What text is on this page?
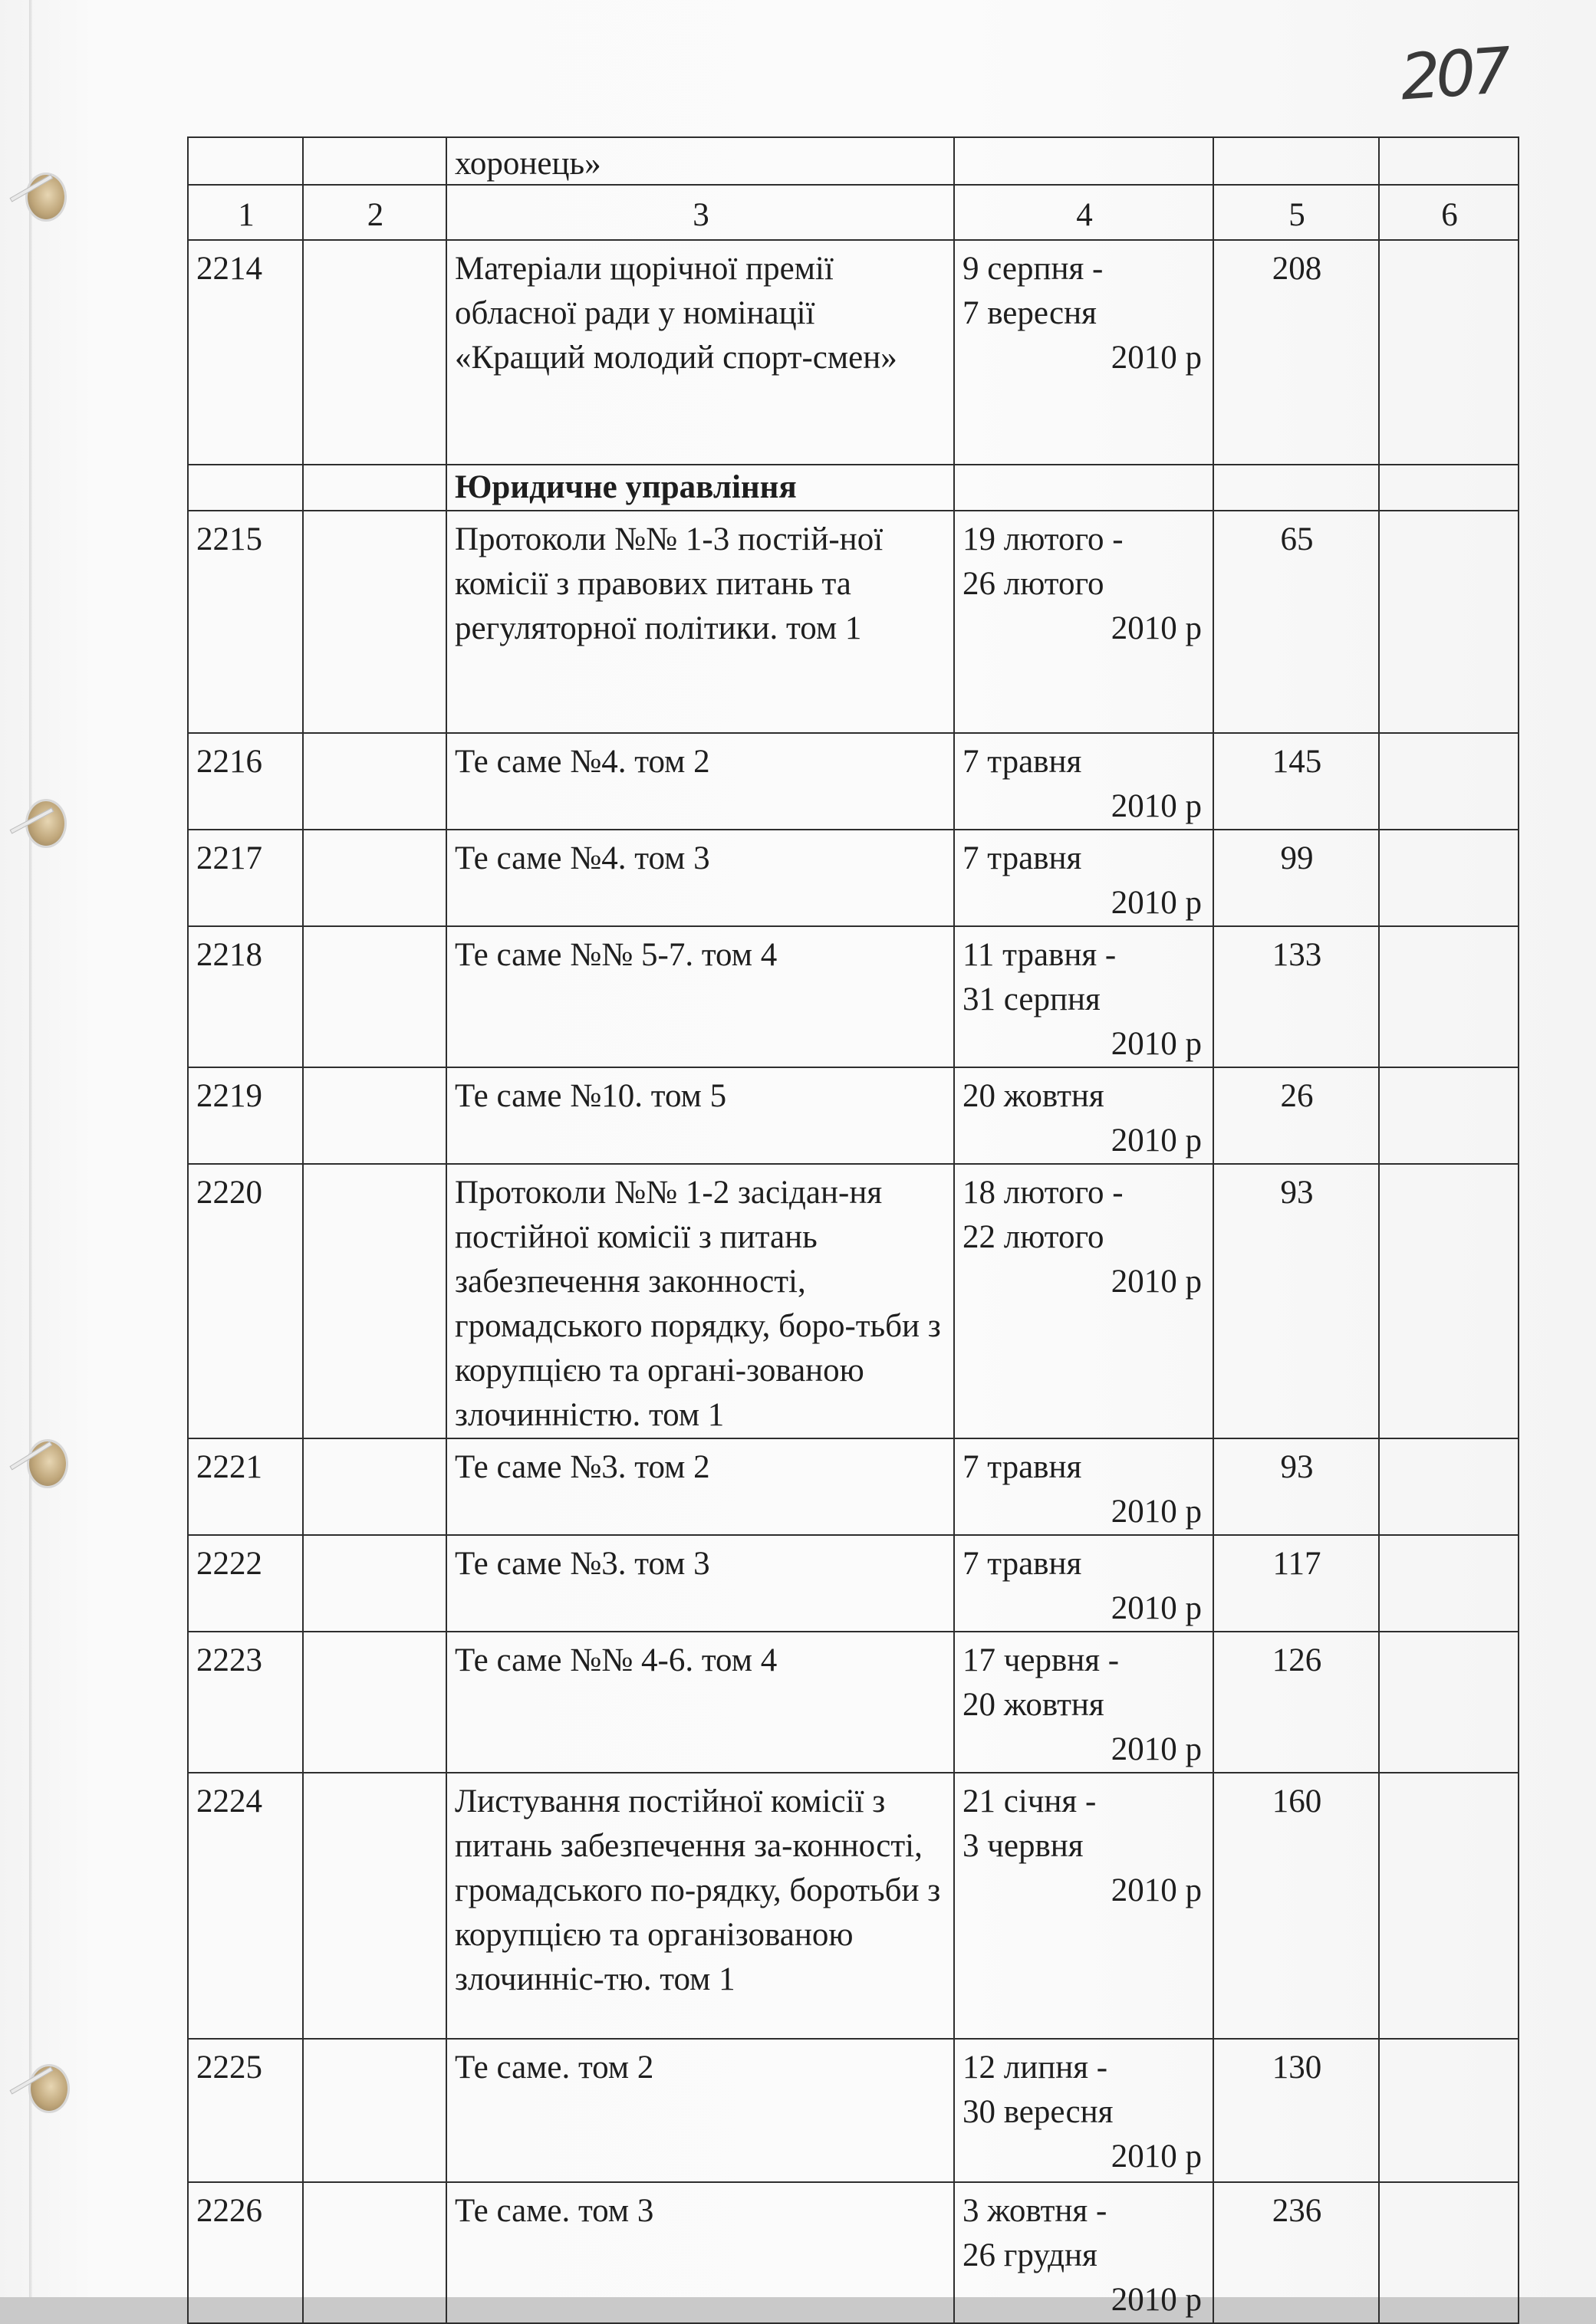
207
		хоронець»			
1	2	3	4	5	6
2214		Матеріали щорічної премії обласної ради у номінації «Кращий молодий спорт-смен»	9 серпня -
7 вересня
2010 р	208	
		Юридичне управління			
2215		Протоколи №№ 1-3 постій-ної комісії з правових питань та регуляторної політики. том 1	19 лютого -
26 лютого
2010 р	65	
2216		Те саме №4. том 2	7 травня
2010 р	145	
2217		Те саме №4. том 3	7 травня
2010 р	99	
2218		Те саме №№ 5-7. том 4	11 травня -
31 серпня
2010 р	133	
2219		Те саме №10. том 5	20 жовтня
2010 р	26	
2220		Протоколи №№ 1-2 засідан-ня постійної комісії з питань забезпечення законності, громадського порядку, боро-тьби з корупцією та органі-зованою злочинністю. том 1	18 лютого -
22 лютого
2010 р	93	
2221		Те саме №3. том 2	7 травня
2010 р	93	
2222		Те саме №3. том 3	7 травня
2010 р	117	
2223		Те саме №№ 4-6. том 4	17 червня -
20 жовтня
2010 р	126	
2224		Листування постійної комісії з питань забезпечення за-конності, громадського по-рядку, боротьби з корупцією та організованою злочинніс-тю. том 1	21 січня -
3 червня
2010 р	160	
2225		Те саме. том 2	12 липня -
30 вересня
2010 р	130	
2226		Те саме. том 3	3 жовтня -
26 грудня
2010 р	236	
